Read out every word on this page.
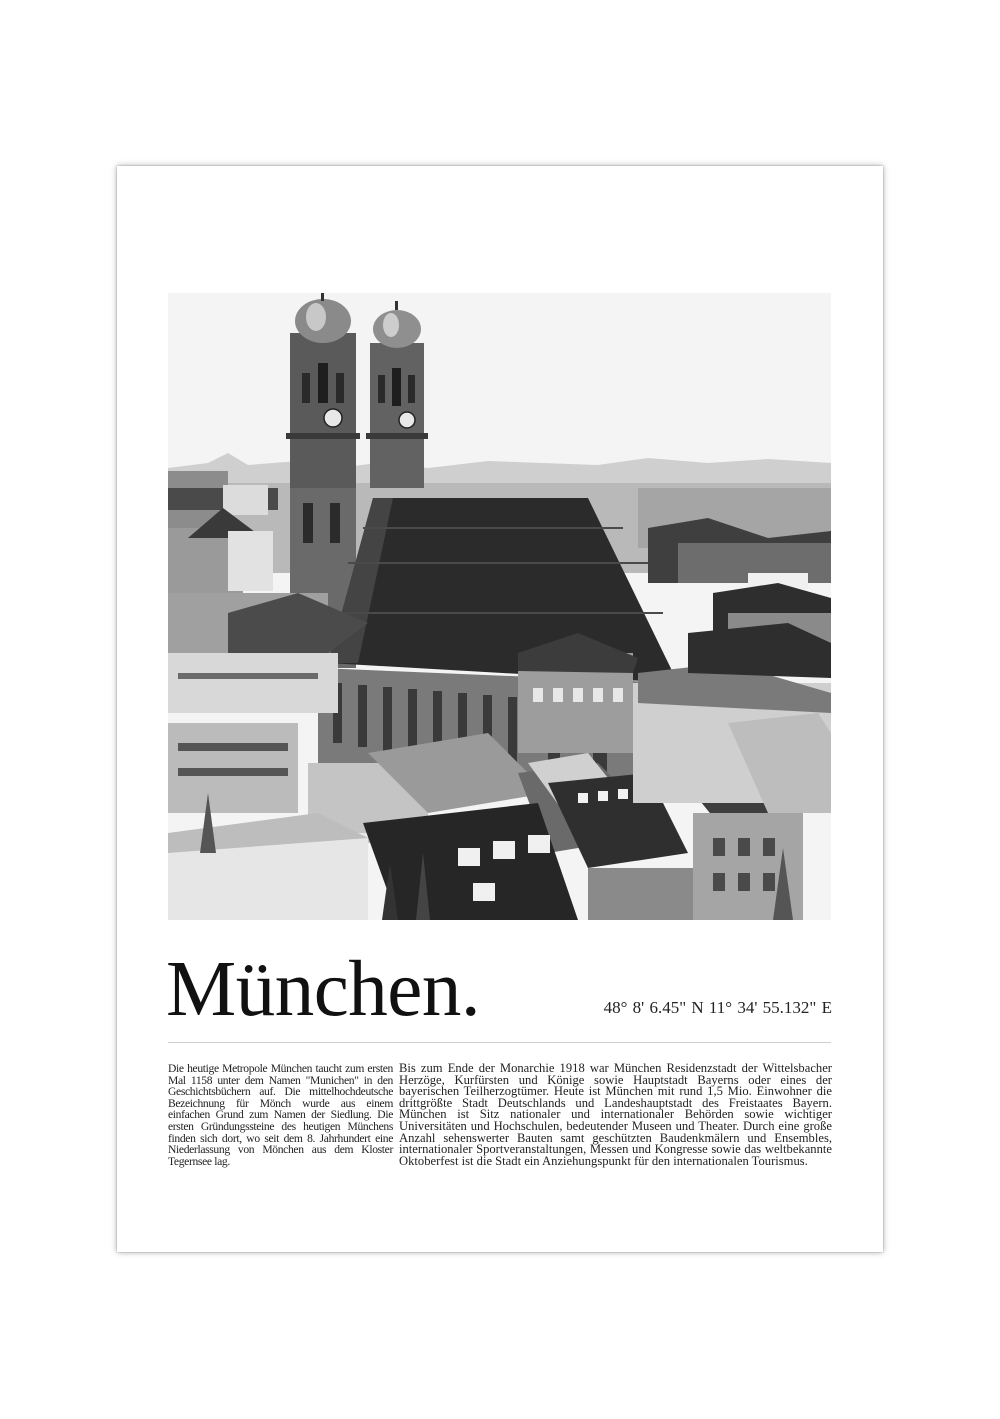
München.	48° 8' 6.45" N 11° 34' 55.132" E

Die heutige Metropole München taucht zum ersten Mal 1158 unter dem Namen "Munichen" in den Geschichtsbüchern auf. Die mittelhochdeutsche Bezeichnung für Mönch wurde aus einem einfachen Grund zum Namen der Siedlung. Die ersten Gründungssteine des heutigen Münchens finden sich dort, wo seit dem 8. Jahrhundert eine Niederlassung von Mönchen aus dem Kloster Tegernsee lag.

Bis zum Ende der Monarchie 1918 war München Residenzstadt der Wittelsbacher Herzöge, Kurfürsten und Könige sowie Hauptstadt Bayerns oder eines der bayerischen Teilherzogtümer. Heute ist München mit rund 1,5 Mio. Einwohner die drittgrößte Stadt Deutschlands und Landeshauptstadt des Freistaates Bayern. München ist Sitz nationaler und internationaler Behörden sowie wichtiger Universitäten und Hochschulen, bedeutender Museen und Theater. Durch eine große Anzahl sehenswerter Bauten samt geschützten Baudenkmälern und Ensembles, internationaler Sportveranstaltungen, Messen und Kongresse sowie das weltbekannte Oktoberfest ist die Stadt ein Anziehungspunkt für den internationalen Tourismus.
